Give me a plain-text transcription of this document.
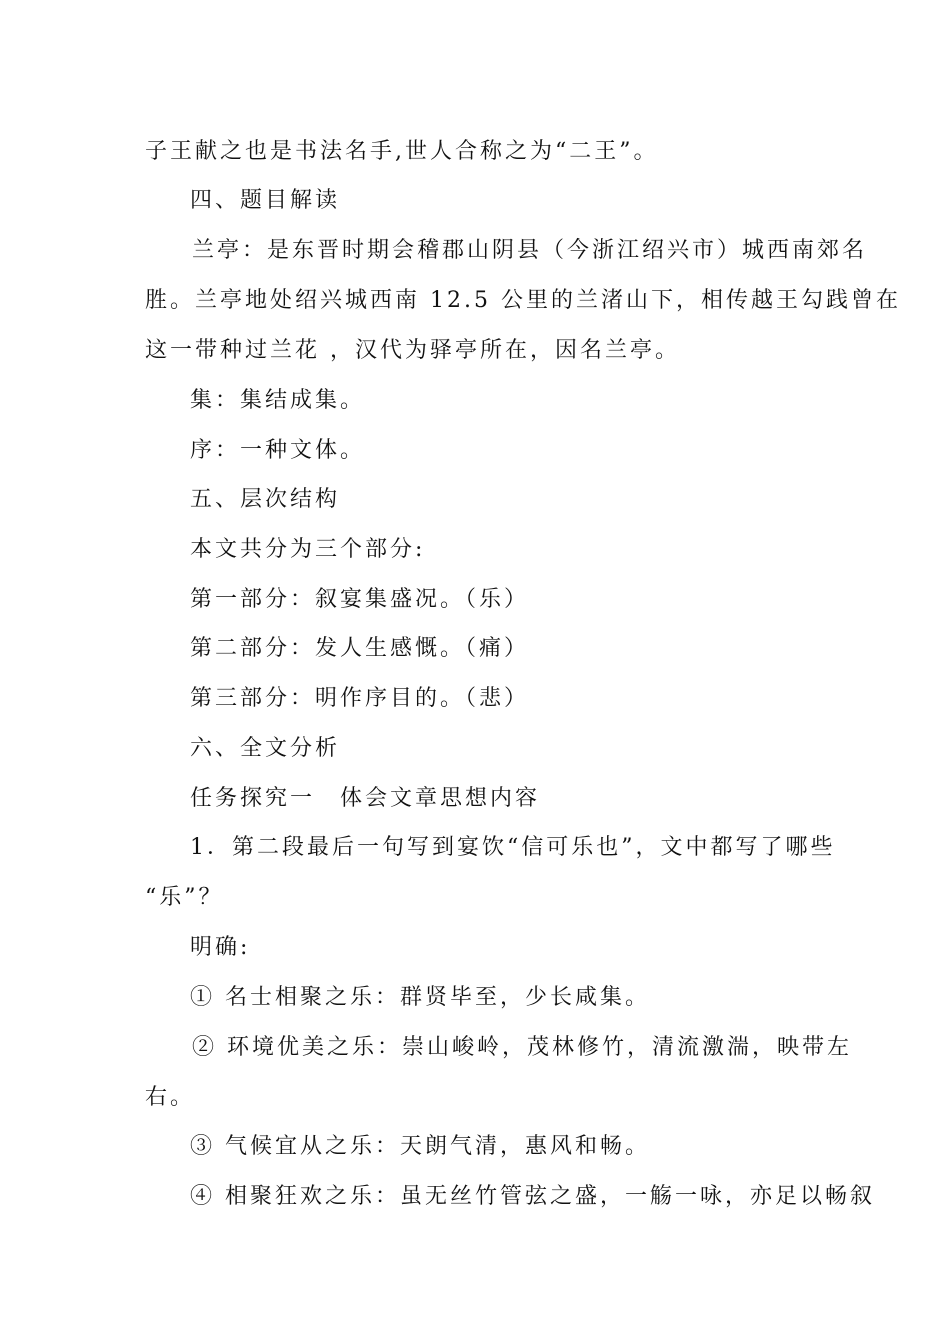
子王献之也是书法名手,世人合称之为“二王”。
四、题目解读
兰亭：是东晋时期会稽郡山阴县（今浙江绍兴市）城西南郊名
胜。兰亭地处绍兴城西南 12.5 公里的兰渚山下，相传越王勾践曾在
这一带种过兰花 ，汉代为驿亭所在，因名兰亭。
集：集结成集。
序：一种文体。
五、层次结构
本文共分为三个部分:
第一部分：叙宴集盛况。（乐）
第二部分：发人生感慨。（痛）
第三部分：明作序目的。（悲）
六、全文分析
任务探究一　体会文章思想内容
1．第二段最后一句写到宴饮“信可乐也”，文中都写了哪些
“乐”？
明确:
① 名士相聚之乐：群贤毕至，少长咸集。
② 环境优美之乐：崇山峻岭，茂林修竹，清流激湍，映带左
右。
③ 气候宜从之乐：天朗气清，惠风和畅。
④ 相聚狂欢之乐：虽无丝竹管弦之盛，一觞一咏，亦足以畅叙
